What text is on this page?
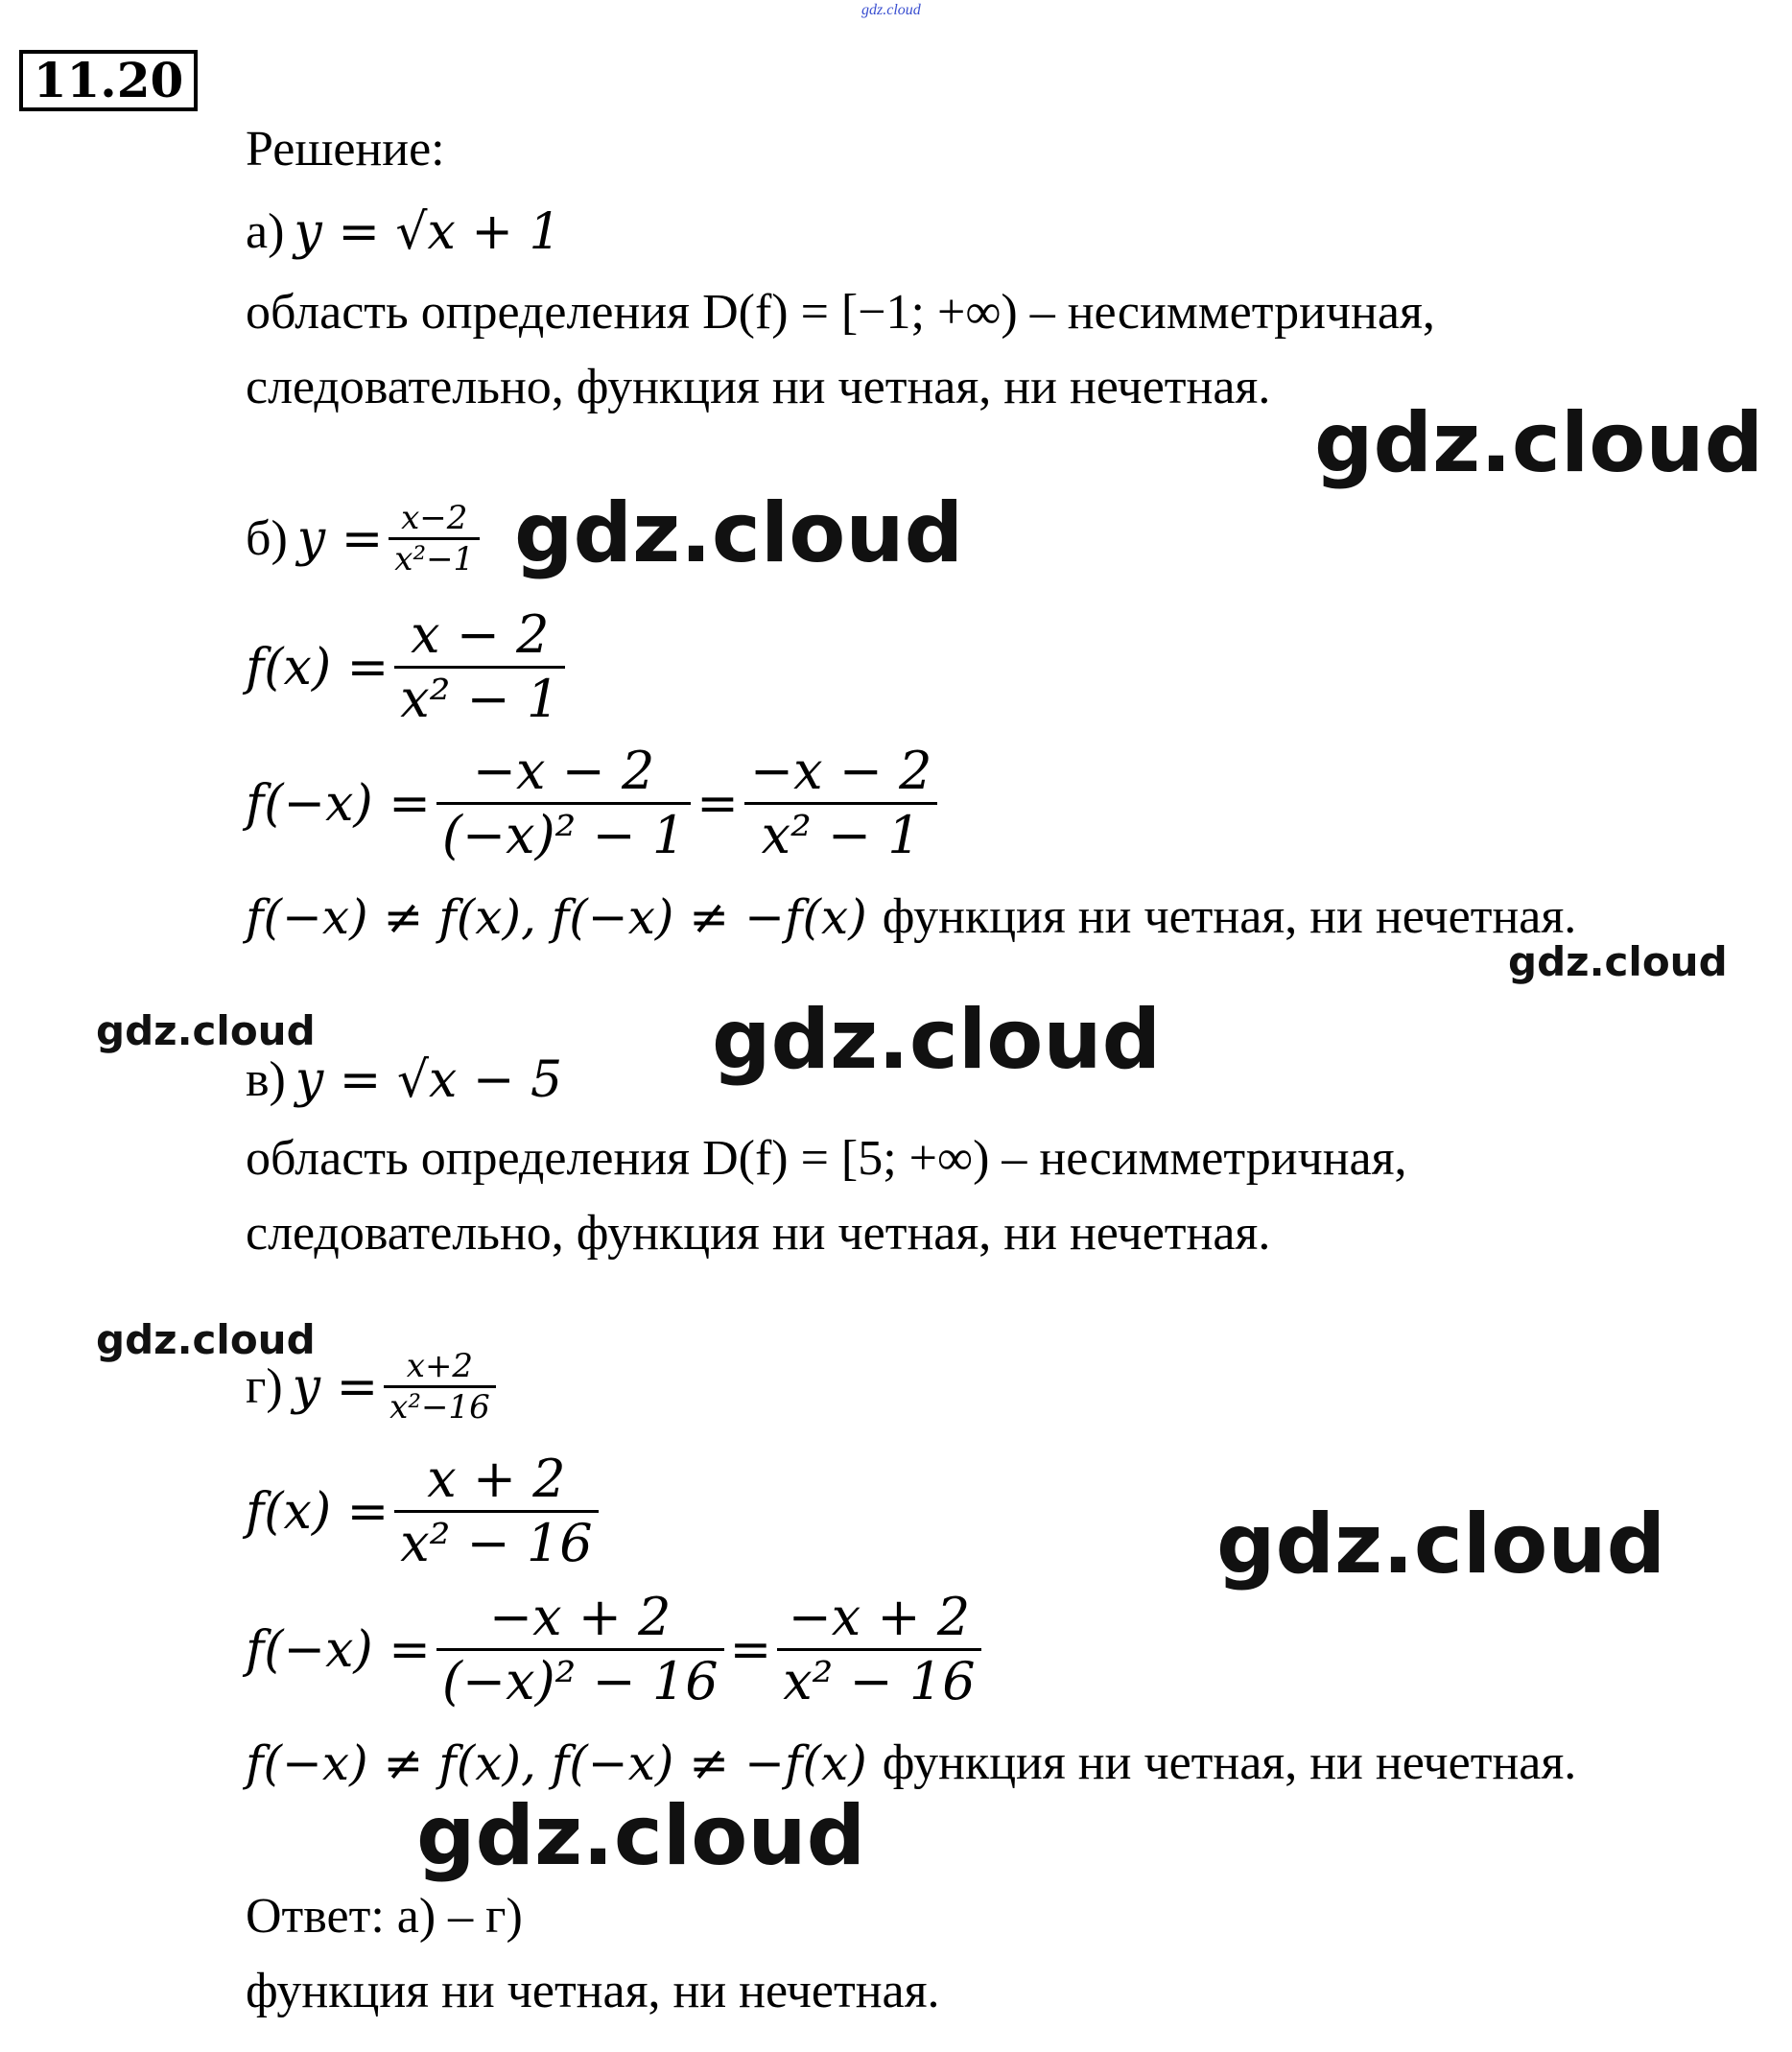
gdz.cloud
11.20
Решение:
а) y = √x + 1
область определения D(f) = [−1; +∞) – несимметричная,
следовательно, функция ни четная, ни нечетная.
б) $y = \frac{x-2}{\text{x²−1}}$
$f(x) = \frac{x - 2}{\text{x² − 1}}$
$f(-x) = \frac{-x - 2}{\text{(−x)² − 1}} = \frac{-x - 2}{\text{x² − 1}}$
f(−x) ≠ f(x), f(−x) ≠ −f(x) функция ни четная, ни нечетная.
в) y = √x − 5
область определения D(f) = [5; +∞) – несимметричная,
следовательно, функция ни четная, ни нечетная.
г) $y = \frac{x+2}{\text{x²−16}}$
$f(x) = \frac{x + 2}{\text{x² − 16}}$
$f(-x) = \frac{-x + 2}{\text{(−x)² − 16}} = \frac{-x + 2}{\text{x² − 16}}$
f(−x) ≠ f(x), f(−x) ≠ −f(x) функция ни четная, ни нечетная.
Ответ: а) – г)
функция ни четная, ни нечетная.
gdz.cloud
gdz.cloud
gdz.cloud
gdz.cloud	gdz.cloud
gdz.cloud
gdz.cloud
gdz.cloud
